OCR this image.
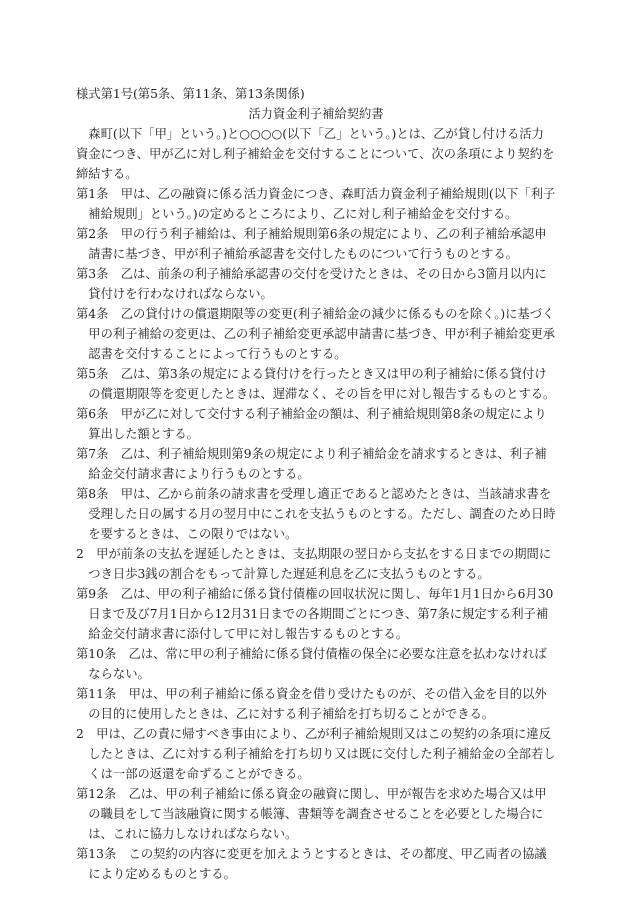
様式第1号(第5条、第11条、第13条関係)

活力資金利子補給契約書

森町(以下「甲」という。)と○○○○(以下「乙」という。)とは、乙が貸し付ける活力資金につき、甲が乙に対し利子補給金を交付することについて、次の条項により契約を締結する。

第1条 甲は、乙の融資に係る活力資金につき、森町活力資金利子補給規則(以下「利子補給規則」という。)の定めるところにより、乙に対し利子補給金を交付する。

第2条 甲の行う利子補給は、利子補給規則第6条の規定により、乙の利子補給承認申請書に基づき、甲が利子補給承認書を交付したものについて行うものとする。

第3条 乙は、前条の利子補給承認書の交付を受けたときは、その日から3箇月以内に貸付けを行わなければならない。

第4条 乙の貸付けの償還期限等の変更(利子補給金の減少に係るものを除く。)に基づく甲の利子補給の変更は、乙の利子補給変更承認申請書に基づき、甲が利子補給変更承認書を交付することによって行うものとする。

第5条 乙は、第3条の規定による貸付けを行ったとき又は甲の利子補給に係る貸付けの償還期限等を変更したときは、遅滞なく、その旨を甲に対し報告するものとする。

第6条 甲が乙に対して交付する利子補給金の額は、利子補給規則第8条の規定により算出した額とする。

第7条 乙は、利子補給規則第9条の規定により利子補給金を請求するときは、利子補給金交付請求書により行うものとする。

第8条 甲は、乙から前条の請求書を受理し適正であると認めたときは、当該請求書を受理した日の属する月の翌月中にこれを支払うものとする。ただし、調査のため日時を要するときは、この限りではない。

2 甲が前条の支払を遅延したときは、支払期限の翌日から支払をする日までの期間につき日歩3銭の割合をもって計算した遅延利息を乙に支払うものとする。

第9条 乙は、甲の利子補給に係る貸付債権の回収状況に関し、毎年1月1日から6月30日まで及び7月1日から12月31日までの各期間ごとにつき、第7条に規定する利子補給金交付請求書に添付して甲に対し報告するものとする。

第10条 乙は、常に甲の利子補給に係る貸付債権の保全に必要な注意を払わなければならない。

第11条 甲は、甲の利子補給に係る資金を借り受けたものが、その借入金を目的以外の目的に使用したときは、乙に対する利子補給を打ち切ることができる。

2 甲は、乙の責に帰すべき事由により、乙が利子補給規則又はこの契約の条項に違反したときは、乙に対する利子補給を打ち切り又は既に交付した利子補給金の全部若しくは一部の返還を命ずることができる。

第12条 乙は、甲の利子補給に係る資金の融資に関し、甲が報告を求めた場合又は甲の職員をして当該融資に関する帳簿、書類等を調査させることを必要とした場合には、これに協力しなければならない。

第13条 この契約の内容に変更を加えようとするときは、その都度、甲乙両者の協議により定めるものとする。
